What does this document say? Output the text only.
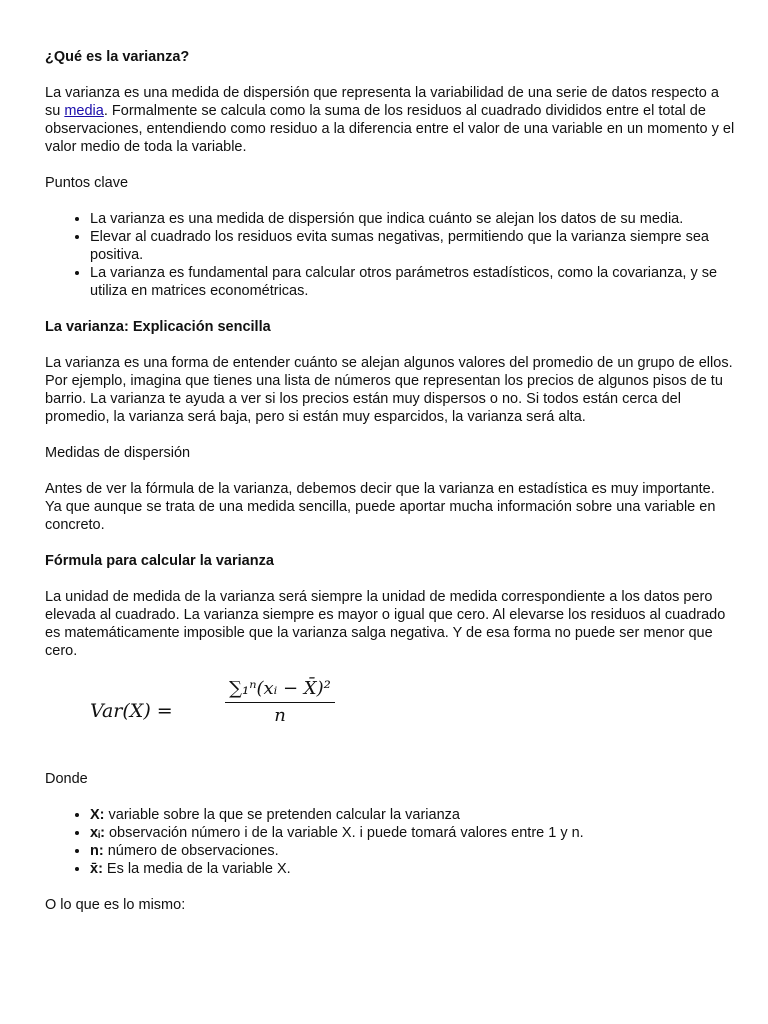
¿Qué es la varianza?

La varianza es una medida de dispersión que representa la variabilidad de una serie de datos respecto a su media. Formalmente se calcula como la suma de los residuos al cuadrado divididos entre el total de observaciones, entendiendo como residuo a la diferencia entre el valor de una variable en un momento y el valor medio de toda la variable.

Puntos clave

• La varianza es una medida de dispersión que indica cuánto se alejan los datos de su media.
• Elevar al cuadrado los residuos evita sumas negativas, permitiendo que la varianza siempre sea positiva.
• La varianza es fundamental para calcular otros parámetros estadísticos, como la covarianza, y se utiliza en matrices econométricas.
La varianza: Explicación sencilla

La varianza es una forma de entender cuánto se alejan algunos valores del promedio de un grupo de ellos. Por ejemplo, imagina que tienes una lista de números que representan los precios de algunos pisos de tu barrio. La varianza te ayuda a ver si los precios están muy dispersos o no. Si todos están cerca del promedio, la varianza será baja, pero si están muy esparcidos, la varianza será alta.

Medidas de dispersión

Antes de ver la fórmula de la varianza, debemos decir que la varianza en estadística es muy importante. Ya que aunque se trata de una medida sencilla, puede aportar mucha información sobre una variable en concreto.

Fórmula para calcular la varianza

La unidad de medida de la varianza será siempre la unidad de medida correspondiente a los datos pero elevada al cuadrado. La varianza siempre es mayor o igual que cero. Al elevarse los residuos al cuadrado es matemáticamente imposible que la varianza salga negativa. Y de esa forma no puede ser menor que cero.

Var(X) =
∑₁ⁿ(xᵢ − X̄)²
n

Donde

• X: variable sobre la que se pretenden calcular la varianza
• xᵢ: observación número i de la variable X. i puede tomará valores entre 1 y n.
• n: número de observaciones.
• x̄: Es la media de la variable X.

O lo que es lo mismo:
